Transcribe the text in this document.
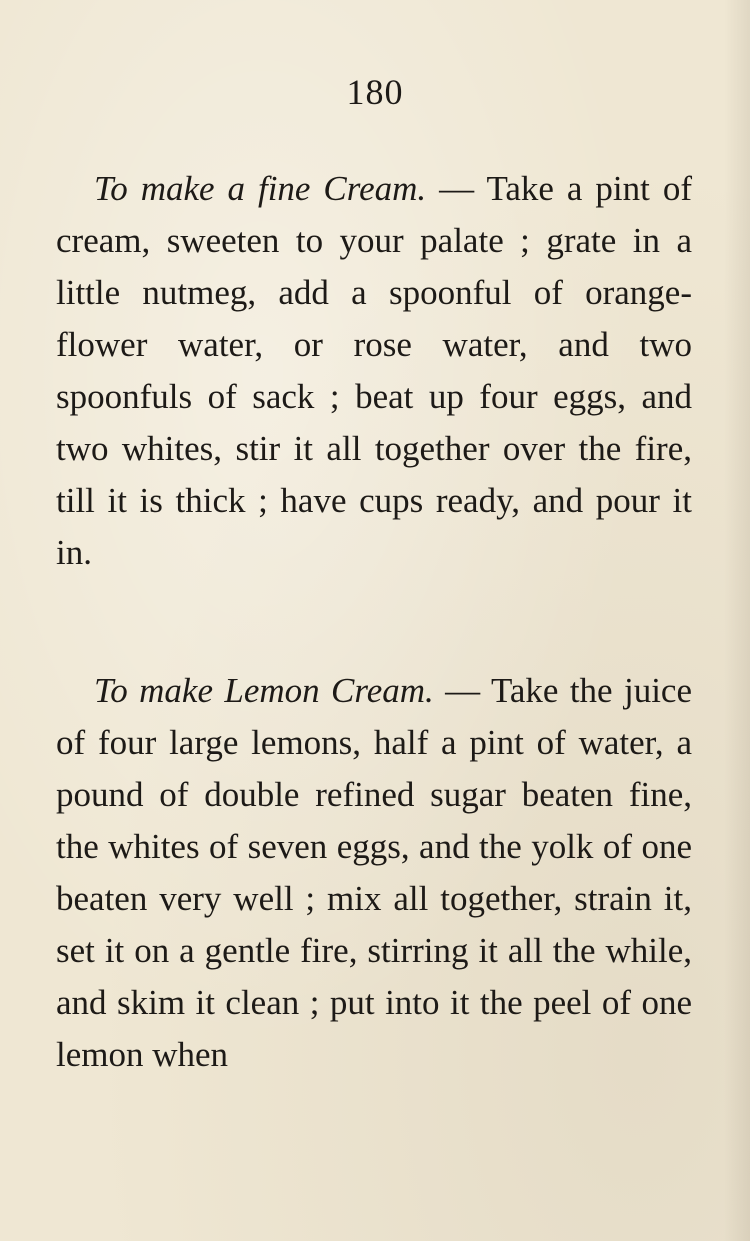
180

To make a fine Cream. — Take a pint of cream, sweeten to your palate ; grate in a little nutmeg, add a spoonful of orange-flower water, or rose water, and two spoonfuls of sack ; beat up four eggs, and two whites, stir it all together over the fire, till it is thick ; have cups ready, and pour it in.

To make Lemon Cream. — Take the juice of four large lemons, half a pint of water, a pound of double refined sugar beaten fine, the whites of seven eggs, and the yolk of one beaten very well ; mix all together, strain it, set it on a gentle fire, stirring it all the while, and skim it clean ; put into it the peel of one lemon when
